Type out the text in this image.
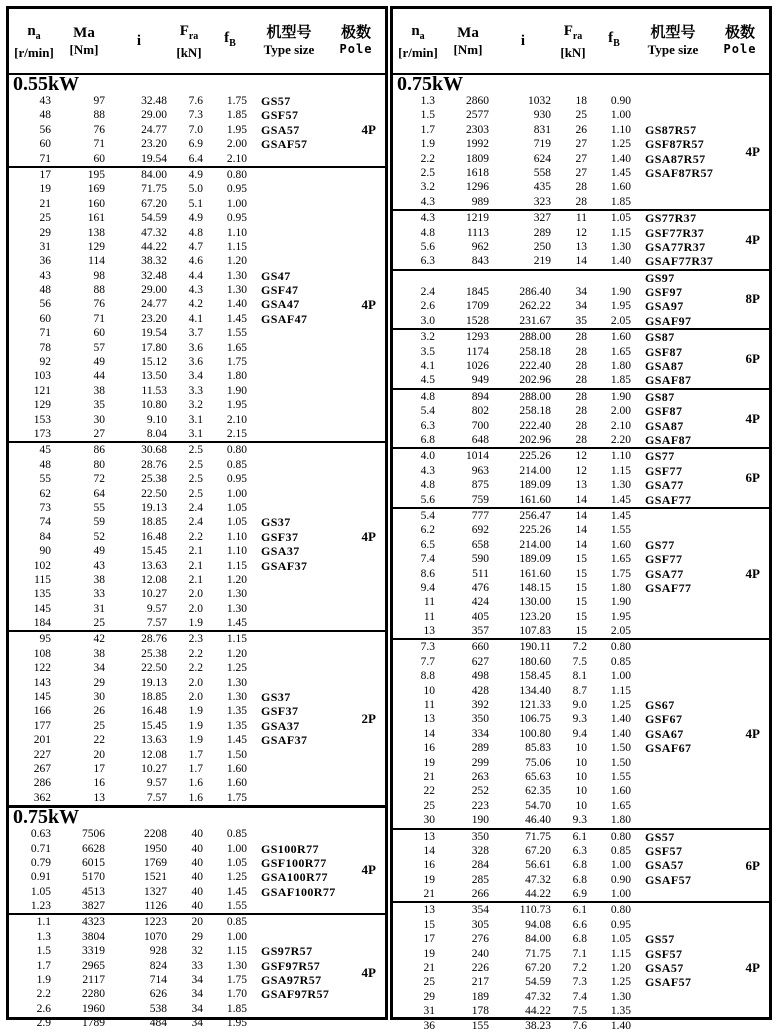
$n_a$
[r/min]
Ma
[Nm]
i
$F_{ra}$
[kN]
$f_B$
机型号
Type size
极数
Pole
0.55kW
43	97	32.48	7.6	1.75	GS57
48	88	29.00	7.3	1.85	GSF57
56	76	24.77	7.0	1.95	GSA57
60	71	23.20	6.9	2.00	GSAF57
71	60	19.54	6.4	2.10
4P
17	195	84.00	4.9	0.80
19	169	71.75	5.0	0.95
21	160	67.20	5.1	1.00
25	161	54.59	4.9	0.95
29	138	47.32	4.8	1.10
31	129	44.22	4.7	1.15
36	114	38.32	4.6	1.20
43	98	32.48	4.4	1.30	GS47
48	88	29.00	4.3	1.30	GSF47
56	76	24.77	4.2	1.40	GSA47
60	71	23.20	4.1	1.45	GSAF47
71	60	19.54	3.7	1.55
78	57	17.80	3.6	1.65
92	49	15.12	3.6	1.75
103	44	13.50	3.4	1.80
121	38	11.53	3.3	1.90
129	35	10.80	3.2	1.95
153	30	9.10	3.1	2.10
173	27	8.04	3.1	2.15
4P
45	86	30.68	2.5	0.80
48	80	28.76	2.5	0.85
55	72	25.38	2.5	0.95
62	64	22.50	2.5	1.00
73	55	19.13	2.4	1.05
74	59	18.85	2.4	1.05	GS37
84	52	16.48	2.2	1.10	GSF37
90	49	15.45	2.1	1.10	GSA37
102	43	13.63	2.1	1.15	GSAF37
115	38	12.08	2.1	1.20
135	33	10.27	2.0	1.30
145	31	9.57	2.0	1.30
184	25	7.57	1.9	1.45
4P
95	42	28.76	2.3	1.15
108	38	25.38	2.2	1.20
122	34	22.50	2.2	1.25
143	29	19.13	2.0	1.30
145	30	18.85	2.0	1.30	GS37
166	26	16.48	1.9	1.35	GSF37
177	25	15.45	1.9	1.35	GSA37
201	22	13.63	1.9	1.45	GSAF37
227	20	12.08	1.7	1.50
267	17	10.27	1.7	1.60
286	16	9.57	1.6	1.60
362	13	7.57	1.6	1.75
2P
0.75kW
0.63	7506	2208	40	0.85
0.71	6628	1950	40	1.00	GS100R77
0.79	6015	1769	40	1.05	GSF100R77
0.91	5170	1521	40	1.25	GSA100R77
1.05	4513	1327	40	1.45	GSAF100R77
1.23	3827	1126	40	1.55
4P
1.1	4323	1223	20	0.85
1.3	3804	1070	29	1.00
1.5	3319	928	32	1.15	GS97R57
1.7	2965	824	33	1.30	GSF97R57
1.9	2117	714	34	1.75	GSA97R57
2.2	2280	626	34	1.70	GSAF97R57
2.6	1960	538	34	1.85
2.9	1789	484	34	1.95
4P
$n_a$
[r/min]
Ma
[Nm]
i
$F_{ra}$
[kN]
$f_B$
机型号
Type size
极数
Pole
0.75kW
1.3	2860	1032	18	0.90
1.5	2577	930	25	1.00
1.7	2303	831	26	1.10	GS87R57
1.9	1992	719	27	1.25	GSF87R57
2.2	1809	624	27	1.40	GSA87R57
2.5	1618	558	27	1.45	GSAF87R57
3.2	1296	435	28	1.60
4.3	989	323	28	1.85
4P
4.3	1219	327	11	1.05	GS77R37
4.8	1113	289	12	1.15	GSF77R37
5.6	962	250	13	1.30	GSA77R37
6.3	843	219	14	1.40	GSAF77R37
4P
GS97
2.4	1845	286.40	34	1.90	GSF97
2.6	1709	262.22	34	1.95	GSA97
3.0	1528	231.67	35	2.05	GSAF97
8P
3.2	1293	288.00	28	1.60	GS87
3.5	1174	258.18	28	1.65	GSF87
4.1	1026	222.40	28	1.80	GSA87
4.5	949	202.96	28	1.85	GSAF87
6P
4.8	894	288.00	28	1.90	GS87
5.4	802	258.18	28	2.00	GSF87
6.3	700	222.40	28	2.10	GSA87
6.8	648	202.96	28	2.20	GSAF87
4P
4.0	1014	225.26	12	1.10	GS77
4.3	963	214.00	12	1.15	GSF77
4.8	875	189.09	13	1.30	GSA77
5.6	759	161.60	14	1.45	GSAF77
6P
5.4	777	256.47	14	1.45
6.2	692	225.26	14	1.55
6.5	658	214.00	14	1.60	GS77
7.4	590	189.09	15	1.65	GSF77
8.6	511	161.60	15	1.75	GSA77
9.4	476	148.15	15	1.80	GSAF77
11	424	130.00	15	1.90
11	405	123.20	15	1.95
13	357	107.83	15	2.05
4P
7.3	660	190.11	7.2	0.80
7.7	627	180.60	7.5	0.85
8.8	498	158.45	8.1	1.00
10	428	134.40	8.7	1.15
11	392	121.33	9.0	1.25	GS67
13	350	106.75	9.3	1.40	GSF67
14	334	100.80	9.4	1.40	GSA67
16	289	85.83	10	1.50	GSAF67
19	299	75.06	10	1.50
21	263	65.63	10	1.55
22	252	62.35	10	1.60
25	223	54.70	10	1.65
30	190	46.40	9.3	1.80
4P
13	350	71.75	6.1	0.80	GS57
14	328	67.20	6.3	0.85	GSF57
16	284	56.61	6.8	1.00	GSA57
19	285	47.32	6.8	0.90	GSAF57
21	266	44.22	6.9	1.00
6P
13	354	110.73	6.1	0.80
15	305	94.08	6.6	0.95
17	276	84.00	6.8	1.05	GS57
19	240	71.75	7.1	1.15	GSF57
21	226	67.20	7.2	1.20	GSA57
25	217	54.59	7.3	1.25	GSAF57
29	189	47.32	7.4	1.30
31	178	44.22	7.5	1.35
36	155	38.23	7.6	1.40
4P
